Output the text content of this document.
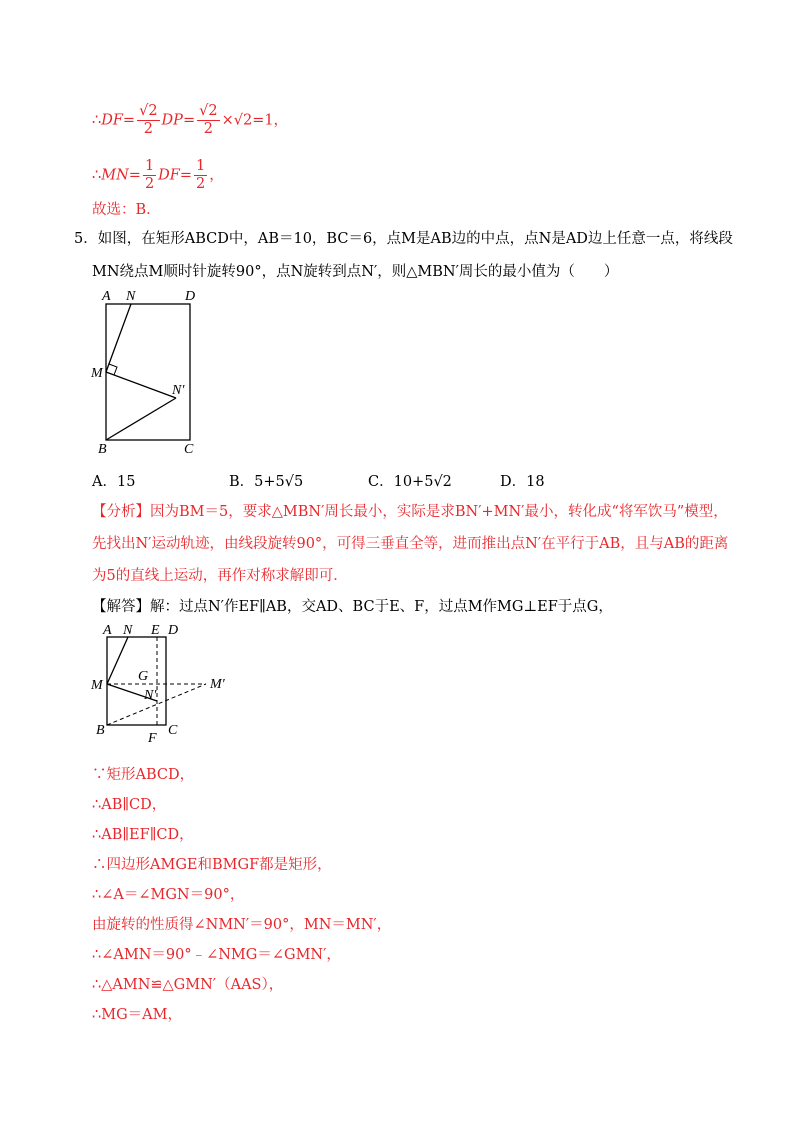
∴DF= $\frac{√2}{2} DP= \frac{√2}{2} \times√2=1$，
∴MN= $\frac{1}{2} DF= \frac{1}{2}$ ，
故选：B．
5．如图，在矩形ABCD中，AB＝10，BC＝6，点M是AB边的中点，点N是AD边上任意一点，将线段
MN绕点M顺时针旋转90°，点N旋转到点N′，则△MBN′周长的最小值为（　　）
A N	D
M
N′
B	C
A．15	B．5+5√5	C．10+5√2	D．18
【分析】因为BM＝5，要求△MBN′周长最小，实际是求BN′+MN′最小，转化成“将军饮马”模型，
先找出N′运动轨迹，由线段旋转90°，可得三垂直全等，进而推出点N′在平行于AB，且与AB的距离
为5的直线上运动，再作对称求解即可．
【解答】解：过点N′作EF∥AB，交AD、BC于E、F，过点M作MG⊥EF于点G，
A N E D
G
M
N′
M′
B
F
C
∵矩形ABCD，
∴AB∥CD，
∴AB∥EF∥CD，
∴四边形AMGE和BMGF都是矩形，
∴∠A＝∠MGN＝90°，
由旋转的性质得∠NMN′＝90°，MN＝MN′，
∴∠AMN＝90°﹣∠NMG＝∠GMN′，
∴△AMN≌△GMN′（AAS），
∴MG＝AM，
